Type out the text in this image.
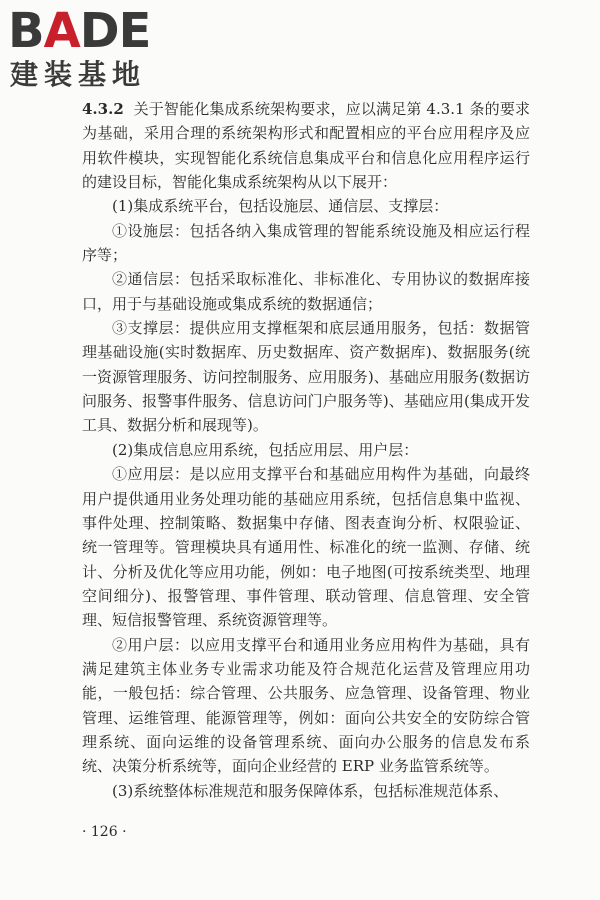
BADE
建装基地

4.3.2 关于智能化集成系统架构要求，应以满足第 4.3.1 条的要求为基础，采用合理的系统架构形式和配置相应的平台应用程序及应用软件模块，实现智能化系统信息集成平台和信息化应用程序运行的建设目标，智能化集成系统架构从以下展开：

(1)集成系统平台，包括设施层、通信层、支撑层：

①设施层：包括各纳入集成管理的智能系统设施及相应运行程序等；

②通信层：包括采取标准化、非标准化、专用协议的数据库接口，用于与基础设施或集成系统的数据通信；

③支撑层：提供应用支撑框架和底层通用服务，包括：数据管理基础设施(实时数据库、历史数据库、资产数据库)、数据服务(统一资源管理服务、访问控制服务、应用服务)、基础应用服务(数据访问服务、报警事件服务、信息访问门户服务等)、基础应用(集成开发工具、数据分析和展现等)。

(2)集成信息应用系统，包括应用层、用户层：

①应用层：是以应用支撑平台和基础应用构件为基础，向最终用户提供通用业务处理功能的基础应用系统，包括信息集中监视、事件处理、控制策略、数据集中存储、图表查询分析、权限验证、统一管理等。管理模块具有通用性、标准化的统一监测、存储、统计、分析及优化等应用功能，例如：电子地图(可按系统类型、地理空间细分)、报警管理、事件管理、联动管理、信息管理、安全管理、短信报警管理、系统资源管理等。

②用户层：以应用支撑平台和通用业务应用构件为基础，具有满足建筑主体业务专业需求功能及符合规范化运营及管理应用功能，一般包括：综合管理、公共服务、应急管理、设备管理、物业管理、运维管理、能源管理等，例如：面向公共安全的安防综合管理系统、面向运维的设备管理系统、面向办公服务的信息发布系统、决策分析系统等，面向企业经营的 ERP 业务监管系统等。

(3)系统整体标准规范和服务保障体系，包括标准规范体系、

· 126 ·
